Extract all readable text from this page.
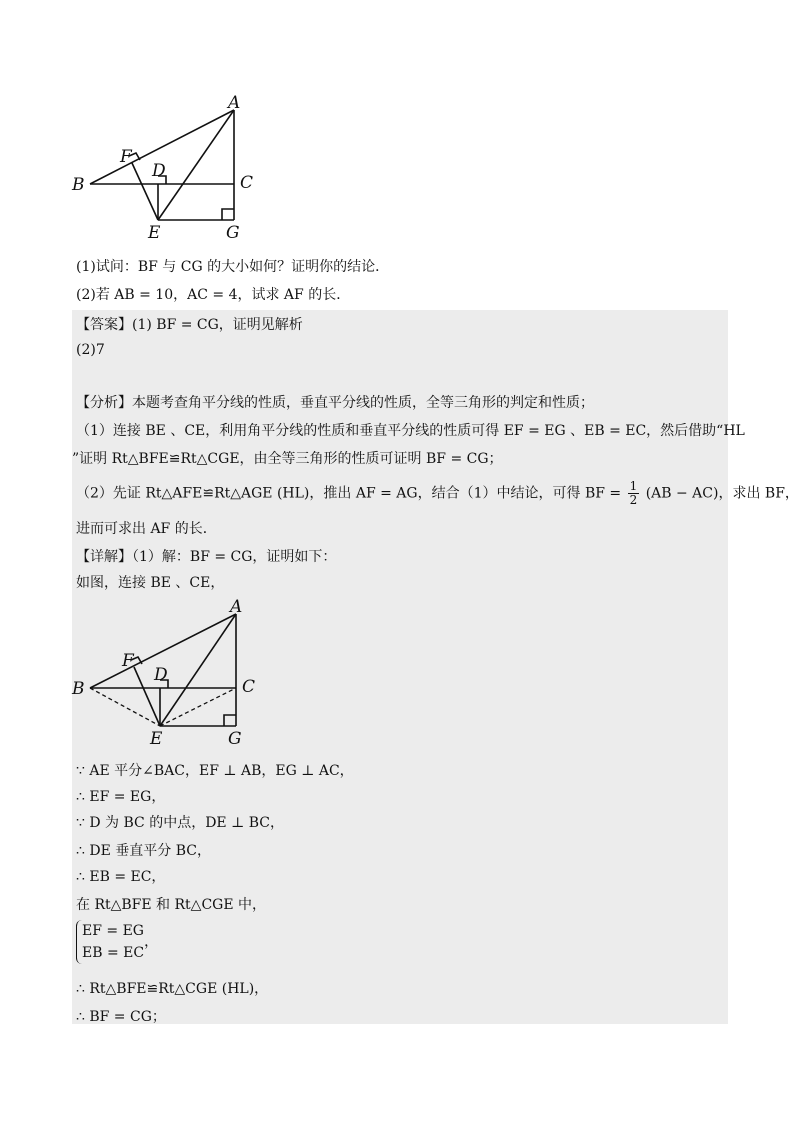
A
B	C
D
E
F
G
(1)试问：BF 与 CG 的大小如何？证明你的结论．
(2)若 AB = 10，AC = 4，试求 AF 的长．
【答案】(1) BF = CG，证明见解析
(2)7
【分析】本题考查角平分线的性质，垂直平分线的性质，全等三角形的判定和性质；
（1）连接 BE 、CE，利用角平分线的性质和垂直平分线的性质可得 EF = EG 、EB = EC，然后借助“HL
”证明 Rt△BFE≌Rt△CGE，由全等三角形的性质可证明 BF = CG；
（2）先证 Rt△AFE≌Rt△AGE (HL)，推出 AF = AG，结合（1）中结论，可得 BF = $\frac{1}{2} (AB - AC)$，求出 BF，
进而可求出 AF 的长．
【详解】（1）解：BF = CG，证明如下：
如图，连接 BE 、CE，
A
B	C
D
E
F
G
∵ AE 平分∠BAC，EF ⊥ AB，EG ⊥ AC，
∴ EF = EG，
∵ D 为 BC 的中点，DE ⊥ BC，
∴ DE 垂直平分 BC，
∴ EB = EC，
在 Rt△BFE 和 Rt△CGE 中，
EF = EG
EB = EC
，
∴ Rt△BFE≌Rt△CGE (HL)，
∴ BF = CG；
